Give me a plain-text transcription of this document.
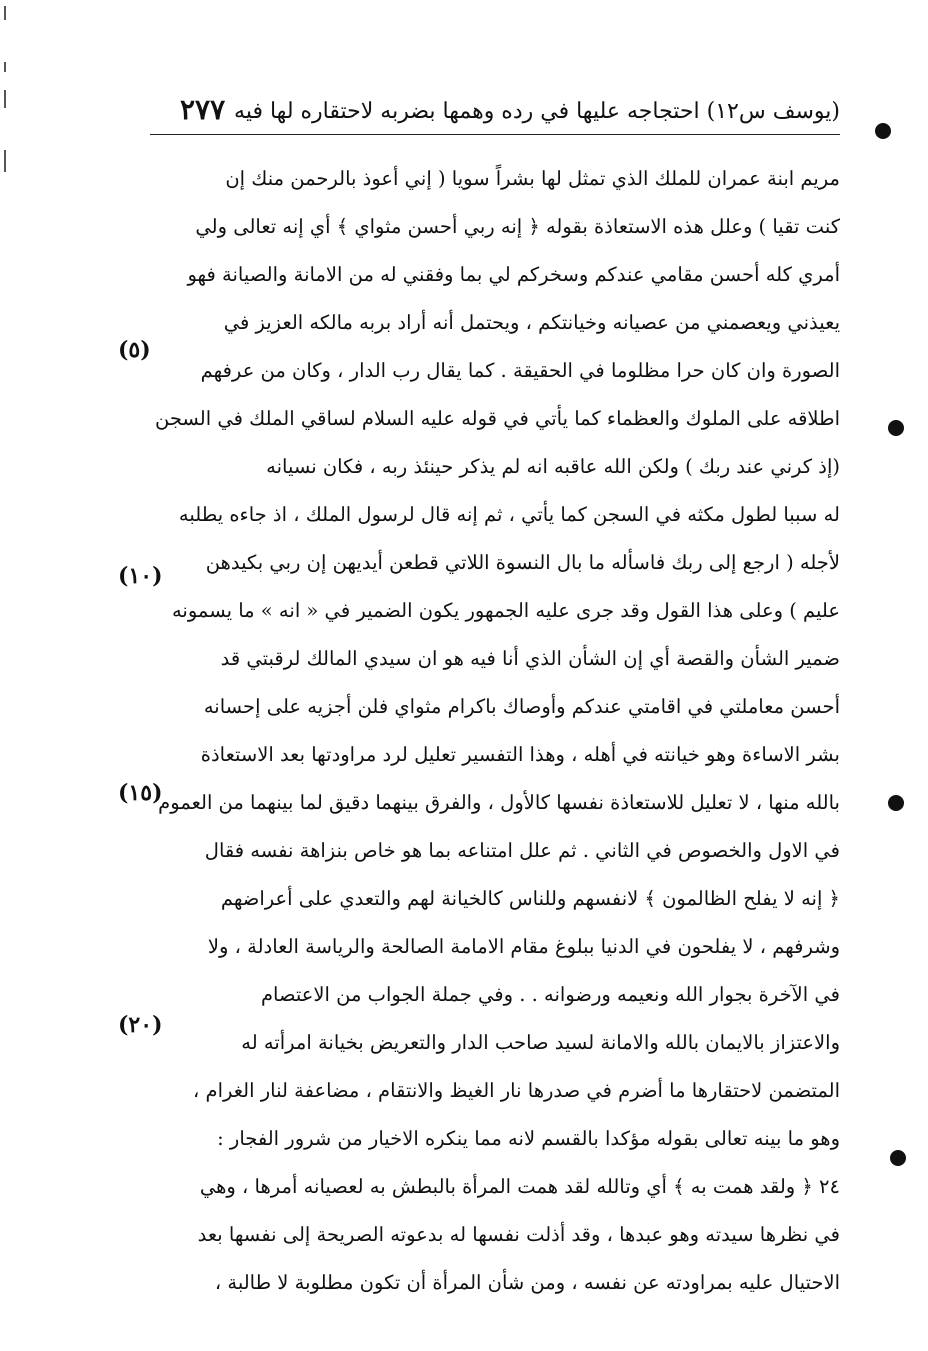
(يوسف س١٢) احتجاجه عليها في رده وهمها بضربه لاحتقاره لها فيه
٢٧٧
مريم ابنة عمران للملك الذي تمثل لها بشراً سويا ( إني أعوذ بالرحمن منك إن
كنت تقيا ) وعلل هذه الاستعاذة بقوله ﴿ إنه ربي أحسن مثواي ﴾ أي إنه تعالى ولي
أمري كله أحسن مقامي عندكم وسخركم لي بما وفقني له من الامانة والصيانة فهو
يعيذني ويعصمني من عصيانه وخيانتكم ، ويحتمل أنه أراد بربه مالكه العزيز في
الصورة وان كان حرا مظلوما في الحقيقة . كما يقال رب الدار ، وكان من عرفهم
اطلاقه على الملوك والعظماء كما يأتي في قوله عليه السلام لساقي الملك في السجن
(إذ كرني عند ربك ) ولكن الله عاقبه انه لم يذكر حينئذ ربه ، فكان نسيانه
له سببا لطول مكثه في السجن كما يأتي ، ثم إنه قال لرسول الملك ، اذ جاءه يطلبه
لأجله ( ارجع إلى ربك فاسأله ما بال النسوة اللاتي قطعن أيديهن إن ربي بكيدهن
عليم ) وعلى هذا القول وقد جرى عليه الجمهور يكون الضمير في « انه » ما يسمونه
ضمير الشأن والقصة أي إن الشأن الذي أنا فيه هو ان سيدي المالك لرقبتي قد
أحسن معاملتي في اقامتي عندكم وأوصاك باكرام مثواي فلن أجزيه على إحسانه
بشر الاساءة وهو خيانته في أهله ، وهذا التفسير تعليل لرد مراودتها بعد الاستعاذة
بالله منها ، لا تعليل للاستعاذة نفسها كالأول ، والفرق بينهما دقيق لما بينهما من العموم
في الاول والخصوص في الثاني . ثم علل امتناعه بما هو خاص بنزاهة نفسه فقال
﴿ إنه لا يفلح الظالمون ﴾ لانفسهم وللناس كالخيانة لهم والتعدي على أعراضهم
وشرفهم ، لا يفلحون في الدنيا ببلوغ مقام الامامة الصالحة والرياسة العادلة ، ولا
في الآخرة بجوار الله ونعيمه ورضوانه . . وفي جملة الجواب من الاعتصام
والاعتزاز بالايمان بالله والامانة لسيد صاحب الدار والتعريض بخيانة امرأته له
المتضمن لاحتقارها ما أضرم في صدرها نار الغيظ والانتقام ، مضاعفة لنار الغرام ،
وهو ما بينه تعالى بقوله مؤكدا بالقسم لانه مما ينكره الاخيار من شرور الفجار :
٢٤ ﴿ ولقد همت به ﴾ أي وتالله لقد همت المرأة بالبطش به لعصيانه أمرها ، وهي
في نظرها سيدته وهو عبدها ، وقد أذلت نفسها له بدعوته الصريحة إلى نفسها بعد
الاحتيال عليه بمراودته عن نفسه ، ومن شأن المرأة أن تكون مطلوبة لا طالبة ،
(٥)
(١٠)
(١٥)
(٢٠)
